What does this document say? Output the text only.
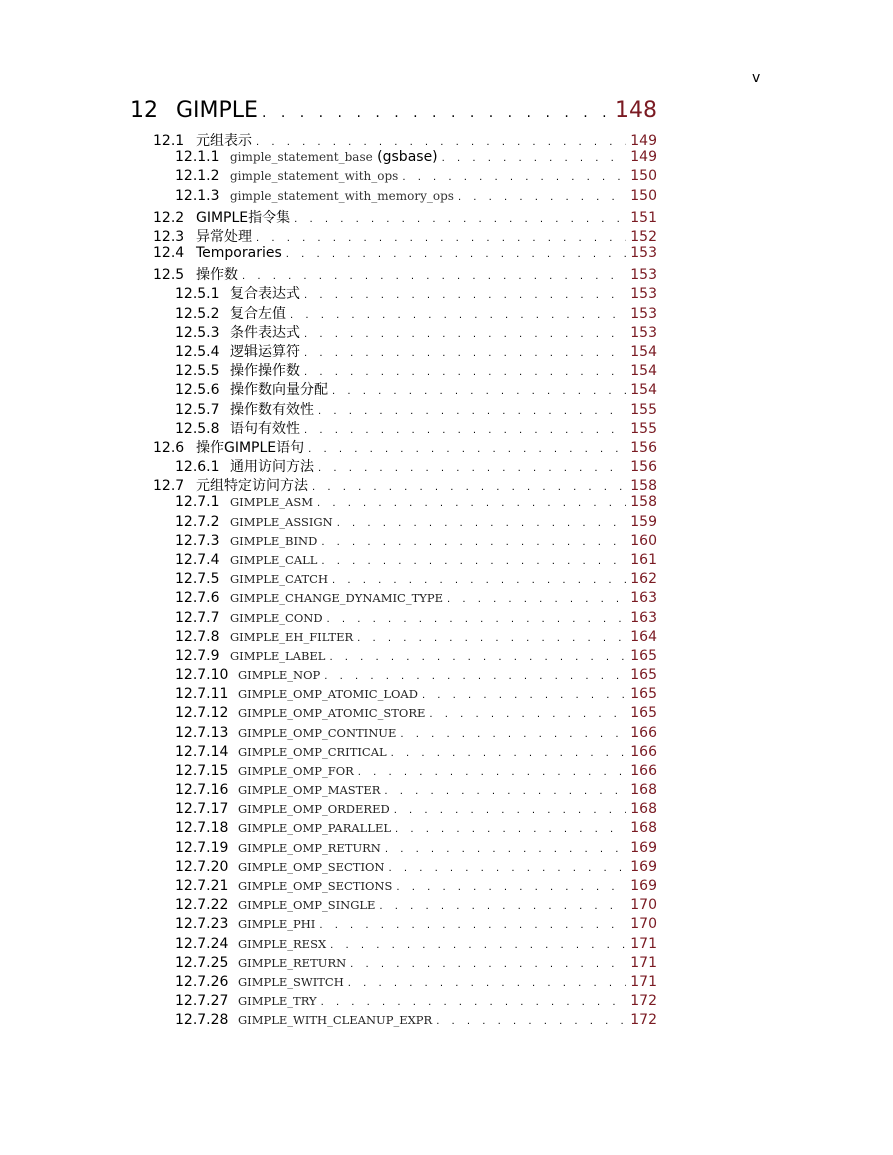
v
12 GIMPLE . . .	148
12.1 元组表示 . . .	149
12.1.1 gimple_statement_base (gsbase) . . .	149
12.1.2 gimple_statement_with_ops . . .	150
12.1.3 gimple_statement_with_memory_ops . . .	150
12.2 GIMPLE指令集 . . .	151
12.3 异常处理 . . .	152
12.4 Temporaries . . .	153
12.5 操作数 . . .	153
12.5.1 复合表达式 . . .	153
12.5.2 复合左值 . . .	153
12.5.3 条件表达式 . . .	153
12.5.4 逻辑运算符 . . .	154
12.5.5 操作操作数 . . .	154
12.5.6 操作数向量分配 . . .	154
12.5.7 操作数有效性 . . .	155
12.5.8 语句有效性 . . .	155
12.6 操作GIMPLE语句 . . .	156
12.6.1 通用访问方法 . . .	156
12.7 元组特定访问方法 . . .	158
12.7.1 GIMPLE_ASM . . .	158
12.7.2 GIMPLE_ASSIGN . . .	159
12.7.3 GIMPLE_BIND . . .	160
12.7.4 GIMPLE_CALL . . .	161
12.7.5 GIMPLE_CATCH . . .	162
12.7.6 GIMPLE_CHANGE_DYNAMIC_TYPE . . .	163
12.7.7 GIMPLE_COND . . .	163
12.7.8 GIMPLE_EH_FILTER . . .	164
12.7.9 GIMPLE_LABEL . . .	165
12.7.10 GIMPLE_NOP . . .	165
12.7.11 GIMPLE_OMP_ATOMIC_LOAD . . .	165
12.7.12 GIMPLE_OMP_ATOMIC_STORE . . .	165
12.7.13 GIMPLE_OMP_CONTINUE . . .	166
12.7.14 GIMPLE_OMP_CRITICAL . . .	166
12.7.15 GIMPLE_OMP_FOR . . .	166
12.7.16 GIMPLE_OMP_MASTER . . .	168
12.7.17 GIMPLE_OMP_ORDERED . . .	168
12.7.18 GIMPLE_OMP_PARALLEL . . .	168
12.7.19 GIMPLE_OMP_RETURN . . .	169
12.7.20 GIMPLE_OMP_SECTION . . .	169
12.7.21 GIMPLE_OMP_SECTIONS . . .	169
12.7.22 GIMPLE_OMP_SINGLE . . .	170
12.7.23 GIMPLE_PHI . . .	170
12.7.24 GIMPLE_RESX . . .	171
12.7.25 GIMPLE_RETURN . . .	171
12.7.26 GIMPLE_SWITCH . . .	171
12.7.27 GIMPLE_TRY . . .	172
12.7.28 GIMPLE_WITH_CLEANUP_EXPR . . .	172
